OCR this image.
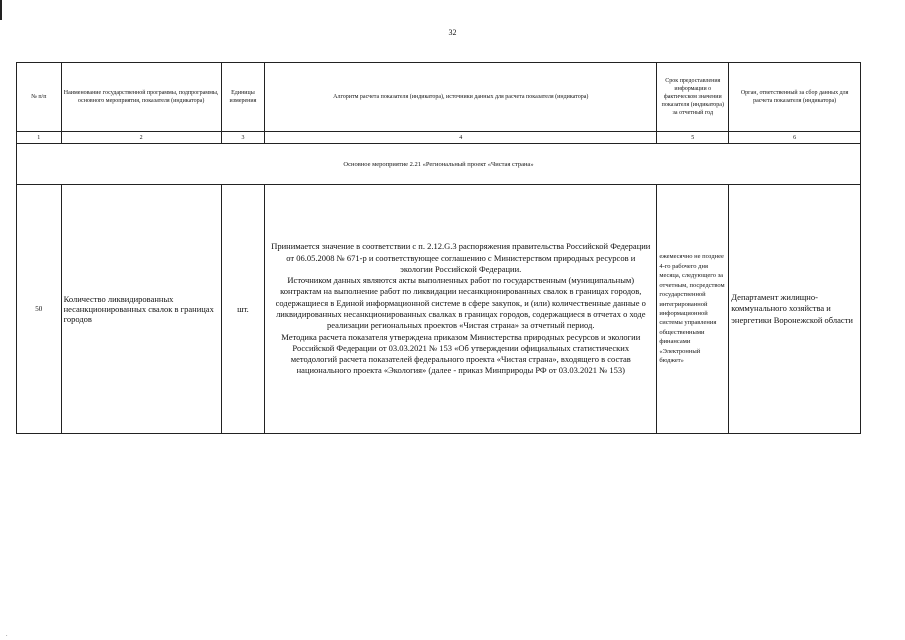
32
№ п/п	Наименование государственной программы, подпрограммы, основного мероприятия, показателя (индикатора)	Единицы измерения	Алгоритм расчета показателя (индикатора), источники данных для расчета показателя (индикатора)	Срок предоставления информации о фактическом значении показателя (индикатора) за отчетный год	Орган, ответственный за сбор данных для расчета показателя (индикатора)
1	2	3	4	5	6
Основное мероприятие 2.21 «Региональный проект «Чистая страна»					
50	Количество ликвидированных несанкционированных свалок в границах городов	шт.	Принимается значение в соответствии с п. 2.12.G.3 распоряжения правительства Российской Федерации от 06.05.2008 № 671-р и соответствующее соглашению с Министерством природных ресурсов и экологии Российской Федерации.

Источником данных являются акты выполненных работ по государственным (муниципальным) контрактам на выполнение работ по ликвидации несанкционированных свалок в границах городов, содержащиеся в Единой информационной системе в сфере закупок, и (или) количественные данные о ликвидированных несанкционированных свалках в границах городов, содержащиеся в отчетах о ходе реализации региональных проектов «Чистая страна» за отчетный период.

Методика расчета показателя утверждена приказом Министерства природных ресурсов и экологии Российской Федерации от 03.03.2021 № 153 «Об утверждении официальных статистических методологий расчета показателей федерального проекта «Чистая страна», входящего в состав национального проекта «Экология» (далее - приказ Минприроды РФ от 03.03.2021 № 153)	ежемесячно не позднее 4-го рабочего дня месяца, следующего за отчетным, посредством государственной интегрированной информационной системы управления общественными финансами «Электронный бюджет»	Департамент жилищно-коммунального хозяйства и энергетики Воронежской области
.
